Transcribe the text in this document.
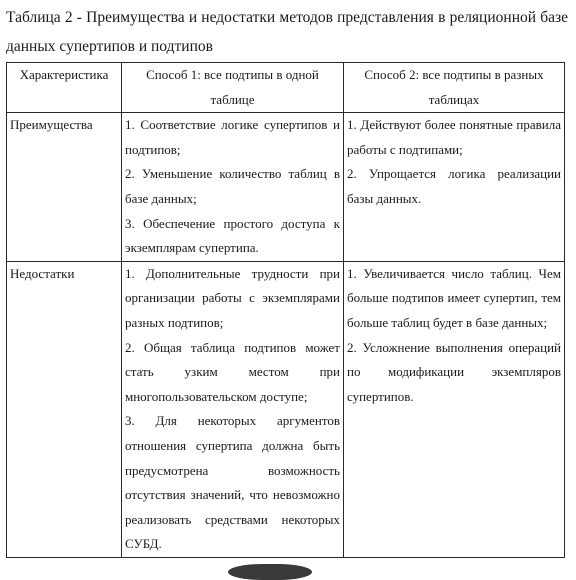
Таблица 2 - Преимущества и недостатки методов представления в реляционной базе данных супертипов и подтипов
Характеристика	Способ 1: все подтипы в одной таблице	Способ 2: все подтипы в разных таблицах

Преимущества	1. Соответствие логике супертипов и подтипов;
2. Уменьшение количество таблиц в базе данных;
3. Обеспечение простого доступа к экземплярам супертипа.	1. Действуют более понятные правила работы с подтипами;
2. Упрощается логика реализации базы данных.

Недостатки	1. Дополнительные трудности при организации работы с экземплярами разных подтипов;
2. Общая таблица подтипов может стать узким местом при многопользовательском доступе;
3. Для некоторых аргументов отношения супертипа должна быть предусмотрена возможность отсутствия значений, что невозможно реализовать средствами некоторых СУБД.	1. Увеличивается число таблиц. Чем больше подтипов имеет супертип, тем больше таблиц будет в базе данных;
2. Усложнение выполнения операций по модификации экземпляров супертипов.
